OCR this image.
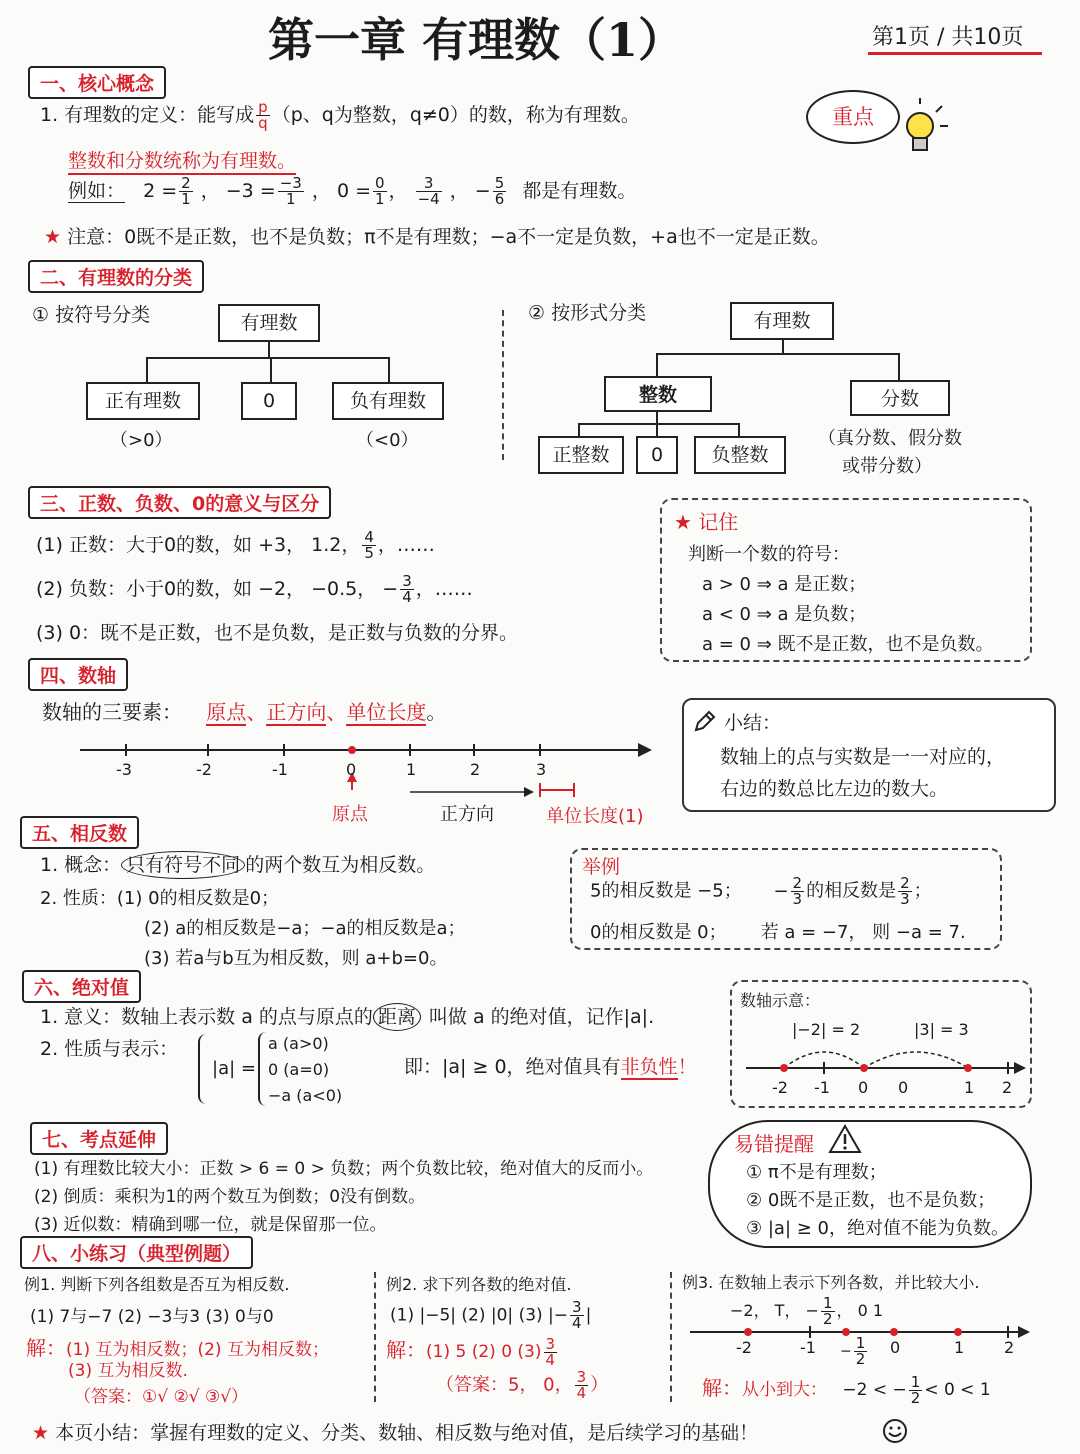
第一章 有理数（1）	第1页 / 共10页
一、核心概念
1. 有理数的定义：能写成 $\frac{p}{q} (p$、q为整数，q≠0）的数，称为有理数。
整数和分数统称为有理数。
例如： $2 = \frac{2}{1}$ ， $-3 = \frac{-3}{1}$ ， $0 = \frac{0}{1}$ ， $\frac{3}{-4}$ ， − $\frac{5}{6}$ 都是有理数。
★ 注意：0既不是正数，也不是负数；π不是有理数；−a不一定是负数，+a也不一定是正数。
重点
二、有理数的分类
① 按符号分类	有理数
正有理数	0	负有理数
（>0）	（<0）
② 按形式分类	有理数
整数	分数
正整数	0	负整数
（真分数、假分数
或带分数）
三、正数、负数、0的意义与区分
(1) 正数：大于0的数，如 +3， 1.2， $\frac{4}{5}$ ，……
(2) 负数：小于0的数，如 −2， −0.5， − $\frac{3}{4}$ ，……
(3) 0：既不是正数，也不是负数，是正数与负数的分界。
★ 记住
判断一个数的符号：
a > 0 ⇒ a 是正数；
a < 0 ⇒ a 是负数；
a = 0 ⇒ 既不是正数，也不是负数。
四、数轴
数轴的三要素： 原点、正方向、单位长度。
-3	-2	-1	0	1	2	3
原点	正方向	单位长度(1)
小结：
数轴上的点与实数是一一对应的，
右边的数总比左边的数大。
五、相反数
1. 概念： 只有符号不同 的两个数互为相反数。
2. 性质：(1) 0的相反数是0；
(2) a的相反数是−a；−a的相反数是a；
(3) 若a与b互为相反数，则 a+b=0。
举例
5的相反数是 −5； − $\frac{2}{3}$ 的相反数是 $\frac{2}{3}$ ；
0的相反数是 0； 若 a = −7， 则 −a = 7.
六、绝对值
1. 意义：数轴上表示数 a 的点与原点的 距离 叫做 a 的绝对值，记作|a|.
2. 性质与表示：
|a| =
a (a>0)
0 (a=0)
−a (a<0)
即：|a| ≥ 0，绝对值具有非负性！
数轴示意：
|−2| = 2	|3| = 3
-2 -1 0 0	1 2
七、考点延伸
(1) 有理数比较大小：正数 > 6 = 0 > 负数；两个负数比较，绝对值大的反而小。
(2) 倒质：乘积为1的两个数互为倒数；0没有倒数。
(3) 近似数：精确到哪一位，就是保留那一位。
易错提醒
① π不是有理数；
② 0既不是正数，也不是负数；
③ |a| ≥ 0，绝对值不能为负数。
八、小练习（典型例题）
例1. 判断下列各组数是否互为相反数.
(1) 7与−7 (2) −3与3 (3) 0与0
解：(1) 互为相反数；(2) 互为相反数；
(3) 互为相反数.
（答案：①√ ②√ ③√）
例2. 求下列各数的绝对值.
(1) |−5| (2) |0| (3) |− $\frac{3}{4}$ |
解：(1) 5 (2) 0 $(3) \frac{3}{4}$
（答案：5， 0， $\frac{3}{4}$ ）
例3. 在数轴上表示下列各数，并比较大小.
−2， T， − $\frac{1}{2}$ ， 0 1
-2	$-1 - \frac{1}{2} 0$	1 2
解：从小到大： −2 < − $\frac{1}{2} < 0 < 1$
★ 本页小结：掌握有理数的定义、分类、数轴、相反数与绝对值，是后续学习的基础！
